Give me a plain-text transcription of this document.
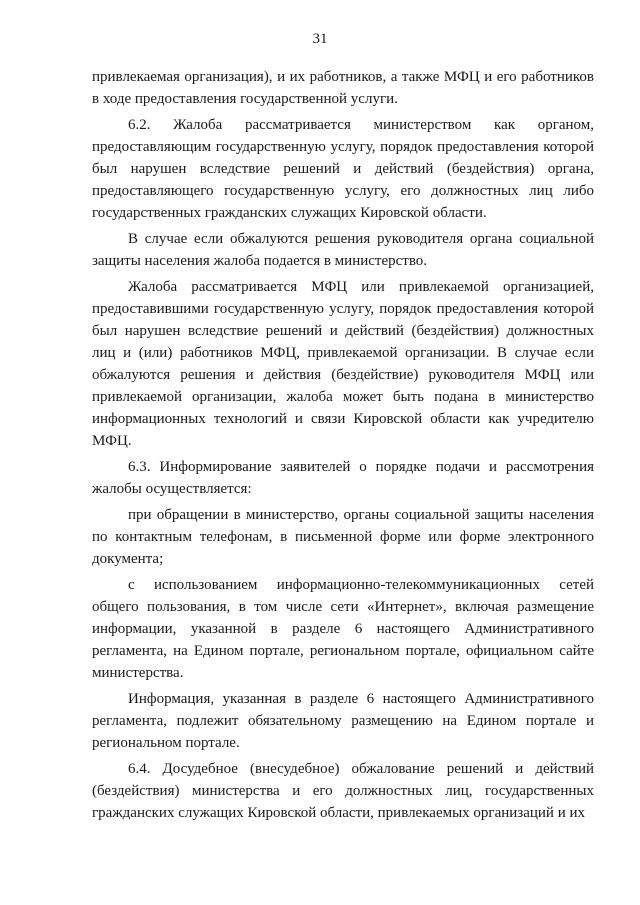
31

привлекаемая организация), и их работников, а также МФЦ и его работников в ходе предоставления государственной услуги.

6.2. Жалоба рассматривается министерством как органом, предоставляющим государственную услугу, порядок предоставления которой был нарушен вследствие решений и действий (бездействия) органа, предоставляющего государственную услугу, его должностных лиц либо государственных гражданских служащих Кировской области.

В случае если обжалуются решения руководителя органа социальной защиты населения жалоба подается в министерство.

Жалоба рассматривается МФЦ или привлекаемой организацией, предоставившими государственную услугу, порядок предоставления которой был нарушен вследствие решений и действий (бездействия) должностных лиц и (или) работников МФЦ, привлекаемой организации. В случае если обжалуются решения и действия (бездействие) руководителя МФЦ или привлекаемой организации, жалоба может быть подана в министерство информационных технологий и связи Кировской области как учредителю МФЦ.

6.3. Информирование заявителей о порядке подачи и рассмотрения жалобы осуществляется:

при обращении в министерство, органы социальной защиты населения по контактным телефонам, в письменной форме или форме электронного документа;

с использованием информационно-телекоммуникационных сетей общего пользования, в том числе сети «Интернет», включая размещение информации, указанной в разделе 6 настоящего Административного регламента, на Едином портале, региональном портале, официальном сайте министерства.

Информация, указанная в разделе 6 настоящего Административного регламента, подлежит обязательному размещению на Едином портале и региональном портале.

6.4. Досудебное (внесудебное) обжалование решений и действий (бездействия) министерства и его должностных лиц, государственных гражданских служащих Кировской области, привлекаемых организаций и их
